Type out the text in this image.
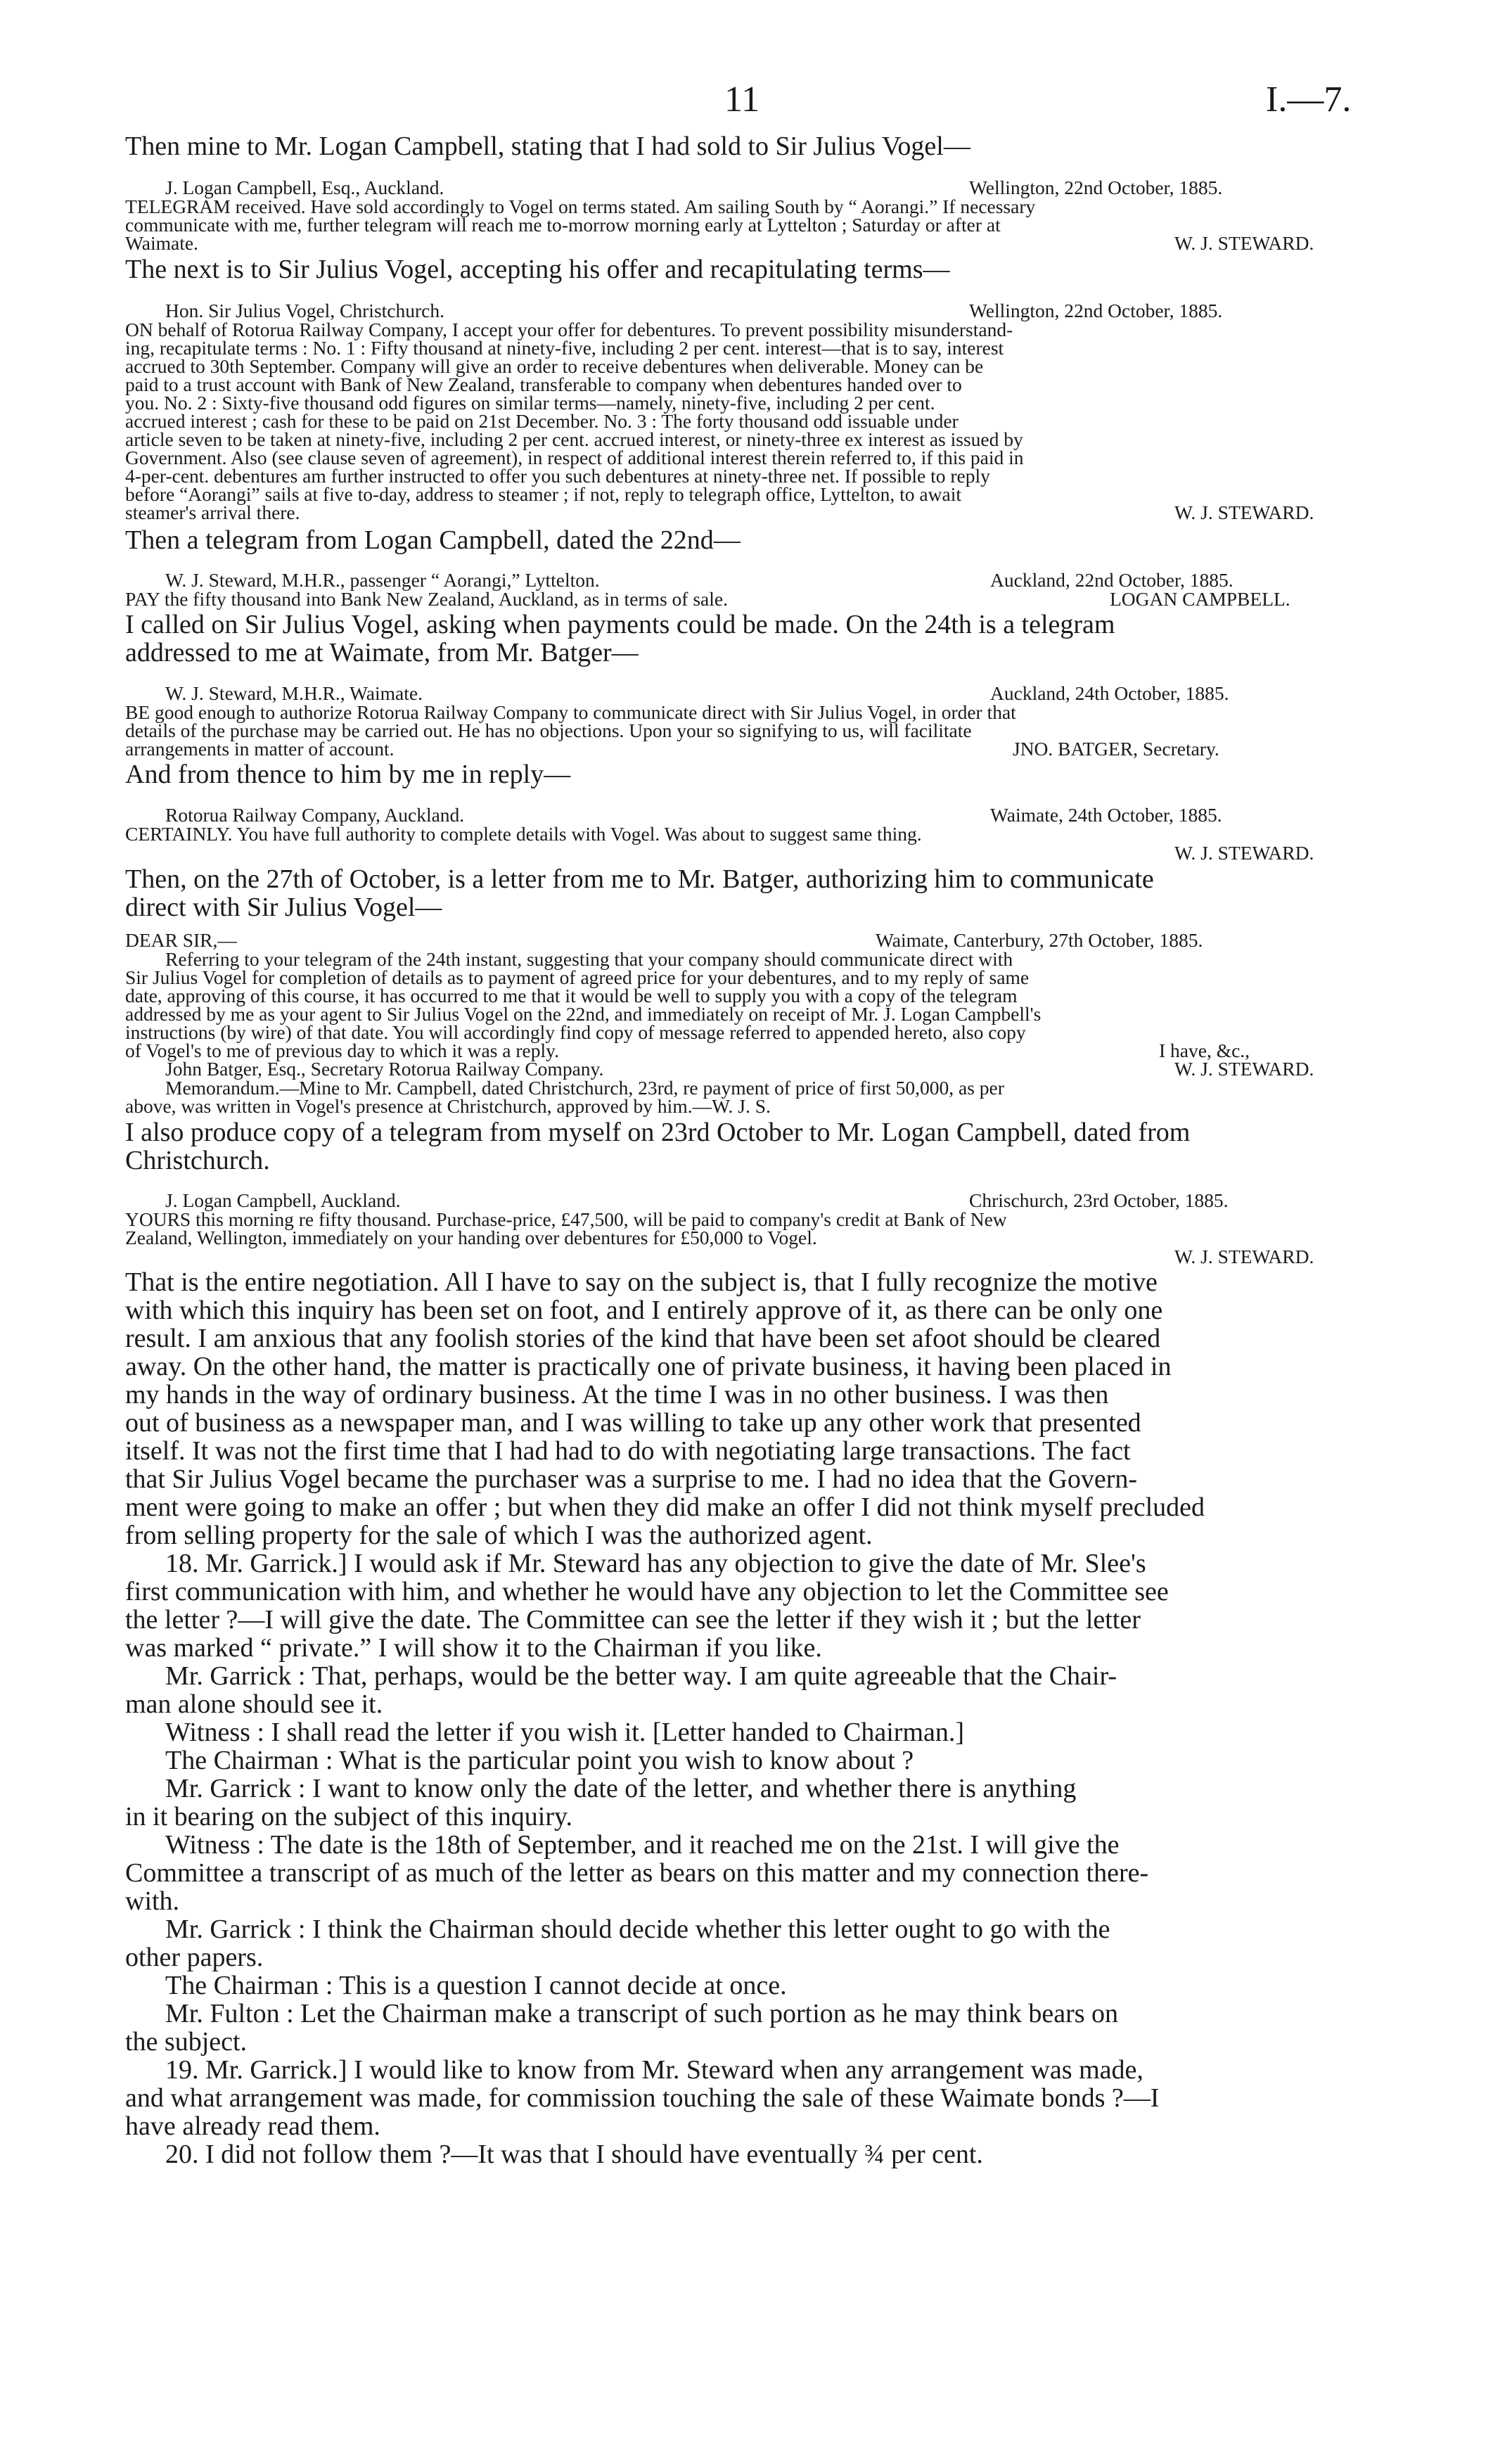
11	I.—7.
Then mine to Mr. Logan Campbell, stating that I had sold to Sir Julius Vogel—
J. Logan Campbell, Esq., Auckland.
TELEGRAM received. Have sold accordingly to Vogel on terms stated. Am sailing South by “ Aorangi.” If necessary
communicate with me, further telegram will reach me to-morrow morning early at Lyttelton ; Saturday or after at
Waimate.
The next is to Sir Julius Vogel, accepting his offer and recapitulating terms—
Hon. Sir Julius Vogel, Christchurch.
ON behalf of Rotorua Railway Company, I accept your offer for debentures. To prevent possibility misunderstand-
ing, recapitulate terms : No. 1 : Fifty thousand at ninety-five, including 2 per cent. interest—that is to say, interest
accrued to 30th September. Company will give an order to receive debentures when deliverable. Money can be
paid to a trust account with Bank of New Zealand, transferable to company when debentures handed over to
you. No. 2 : Sixty-five thousand odd figures on similar terms—namely, ninety-five, including 2 per cent.
accrued interest ; cash for these to be paid on 21st December. No. 3 : The forty thousand odd issuable under
article seven to be taken at ninety-five, including 2 per cent. accrued interest, or ninety-three ex interest as issued by
Government. Also (see clause seven of agreement), in respect of additional interest therein referred to, if this paid in
4-per-cent. debentures am further instructed to offer you such debentures at ninety-three net. If possible to reply
before “Aorangi” sails at five to-day, address to steamer ; if not, reply to telegraph office, Lyttelton, to await
steamer's arrival there.
Then a telegram from Logan Campbell, dated the 22nd—
W. J. Steward, M.H.R., passenger “ Aorangi,” Lyttelton.
PAY the fifty thousand into Bank New Zealand, Auckland, as in terms of sale.
I called on Sir Julius Vogel, asking when payments could be made. On the 24th is a telegram
addressed to me at Waimate, from Mr. Batger—
W. J. Steward, M.H.R., Waimate.
BE good enough to authorize Rotorua Railway Company to communicate direct with Sir Julius Vogel, in order that
details of the purchase may be carried out. He has no objections. Upon your so signifying to us, will facilitate
arrangements in matter of account.
And from thence to him by me in reply—
Rotorua Railway Company, Auckland.
CERTAINLY. You have full authority to complete details with Vogel. Was about to suggest same thing.
Then, on the 27th of October, is a letter from me to Mr. Batger, authorizing him to communicate
direct with Sir Julius Vogel—
DEAR SIR,—
Referring to your telegram of the 24th instant, suggesting that your company should communicate direct with
Sir Julius Vogel for completion of details as to payment of agreed price for your debentures, and to my reply of same
date, approving of this course, it has occurred to me that it would be well to supply you with a copy of the telegram
addressed by me as your agent to Sir Julius Vogel on the 22nd, and immediately on receipt of Mr. J. Logan Campbell's
instructions (by wire) of that date. You will accordingly find copy of message referred to appended hereto, also copy
of Vogel's to me of previous day to which it was a reply.
John Batger, Esq., Secretary Rotorua Railway Company.
Memorandum.—Mine to Mr. Campbell, dated Christchurch, 23rd, re payment of price of first 50,000, as per
above, was written in Vogel's presence at Christchurch, approved by him.—W. J. S.
I also produce copy of a telegram from myself on 23rd October to Mr. Logan Campbell, dated from
Christchurch.
J. Logan Campbell, Auckland.
YOURS this morning re fifty thousand. Purchase-price, £47,500, will be paid to company's credit at Bank of New
Zealand, Wellington, immediately on your handing over debentures for £50,000 to Vogel.
That is the entire negotiation. All I have to say on the subject is, that I fully recognize the motive
with which this inquiry has been set on foot, and I entirely approve of it, as there can be only one
result. I am anxious that any foolish stories of the kind that have been set afoot should be cleared
away. On the other hand, the matter is practically one of private business, it having been placed in
my hands in the way of ordinary business. At the time I was in no other business. I was then
out of business as a newspaper man, and I was willing to take up any other work that presented
itself. It was not the first time that I had had to do with negotiating large transactions. The fact
that Sir Julius Vogel became the purchaser was a surprise to me. I had no idea that the Govern-
ment were going to make an offer ; but when they did make an offer I did not think myself precluded
from selling property for the sale of which I was the authorized agent.
18. Mr. Garrick.] I would ask if Mr. Steward has any objection to give the date of Mr. Slee's
first communication with him, and whether he would have any objection to let the Committee see
the letter ?—I will give the date. The Committee can see the letter if they wish it ; but the letter
was marked “ private.” I will show it to the Chairman if you like.
Mr. Garrick : That, perhaps, would be the better way. I am quite agreeable that the Chair-
man alone should see it.
Witness : I shall read the letter if you wish it. [Letter handed to Chairman.]
The Chairman : What is the particular point you wish to know about ?
Mr. Garrick : I want to know only the date of the letter, and whether there is anything
in it bearing on the subject of this inquiry.
Witness : The date is the 18th of September, and it reached me on the 21st. I will give the
Committee a transcript of as much of the letter as bears on this matter and my connection there-
with.
Mr. Garrick : I think the Chairman should decide whether this letter ought to go with the
other papers.
The Chairman : This is a question I cannot decide at once.
Mr. Fulton : Let the Chairman make a transcript of such portion as he may think bears on
the subject.
19. Mr. Garrick.] I would like to know from Mr. Steward when any arrangement was made,
and what arrangement was made, for commission touching the sale of these Waimate bonds ?—I
have already read them.
20. I did not follow them ?—It was that I should have eventually ¾ per cent.
Wellington, 22nd October, 1885.
W. J. STEWARD.
Wellington, 22nd October, 1885.
W. J. STEWARD.
Auckland, 22nd October, 1885.
LOGAN CAMPBELL.
Auckland, 24th October, 1885.
JNO. BATGER, Secretary.
Waimate, 24th October, 1885.
W. J. STEWARD.
Waimate, Canterbury, 27th October, 1885.
I have, &c.,
W. J. STEWARD.
Chrischurch, 23rd October, 1885.
W. J. STEWARD.
